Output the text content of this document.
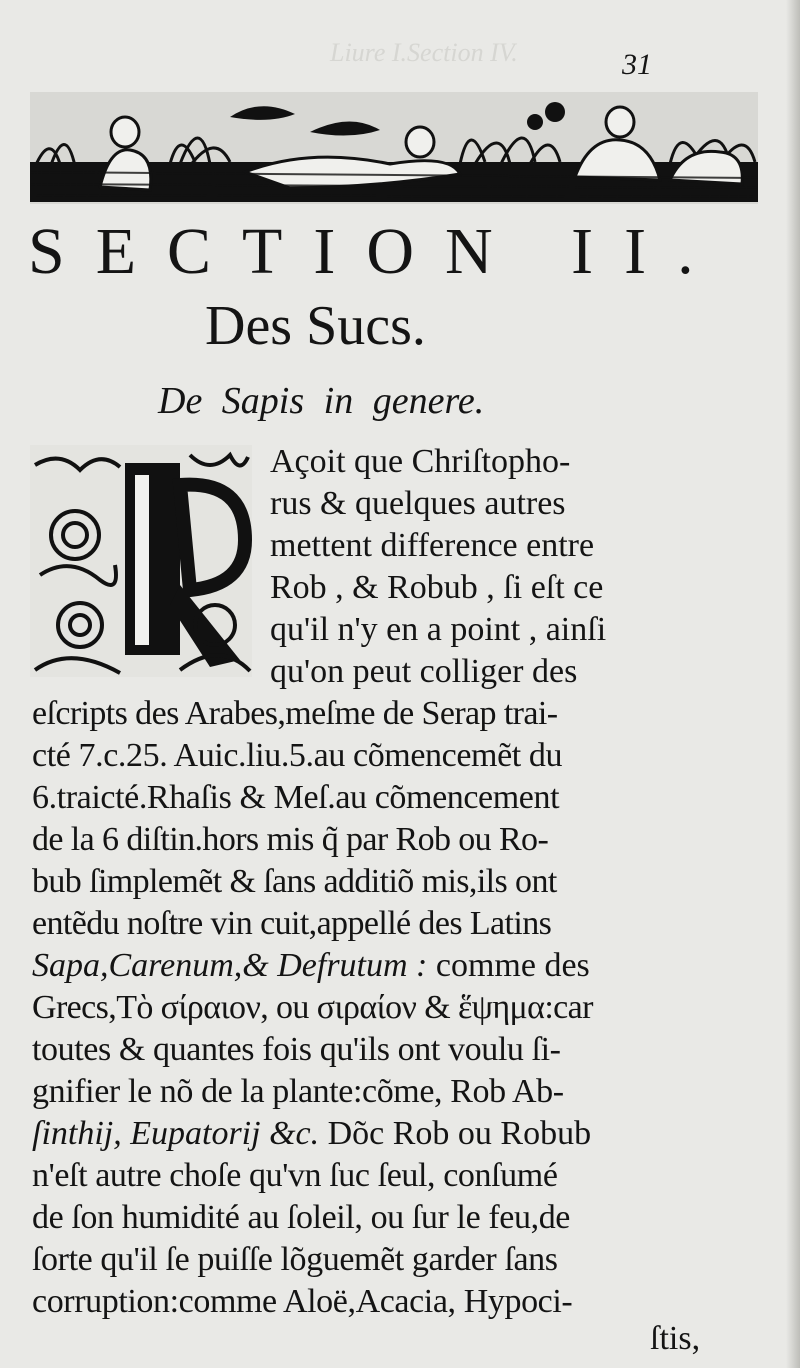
Liure I.Section IV.	31
SECTION II.
Des Sucs.
De Sapis in genere.
Açoit que Chriſtopho-
rus & quelques autres
mettent difference entre
Rob , & Robub , ſi eſt ce
qu'il n'y en a point , ainſi
qu'on peut colliger des
eſcripts des Arabes,meſme de Serap trai-
cté 7.c.25. Auic.liu.5.au cõmencemẽt du
6.traicté.Rhaſis & Meſ.au cõmencement
de la 6 diſtin.hors mis q̃ par Rob ou Ro-
bub ſimplemẽt & ſans additiõ mis,ils ont
entẽdu noſtre vin cuit,appellé des Latins
Sapa,Carenum,& Defrutum : comme des
Grecs,Τὸ σίραιον, ou σιραίον & ἕψημα:car
toutes & quantes fois qu'ils ont voulu ſi-
gnifier le nõ de la plante:cõme, Rob Ab-
ſinthij, Eupatorij &c. Dõc Rob ou Robub
n'eſt autre choſe qu'vn ſuc ſeul, conſumé
de ſon humidité au ſoleil, ou ſur le feu,de
ſorte qu'il ſe puiſſe lõguemẽt garder ſans
corruption:comme Aloë,Acacia, Hypoci-
ſtis,
